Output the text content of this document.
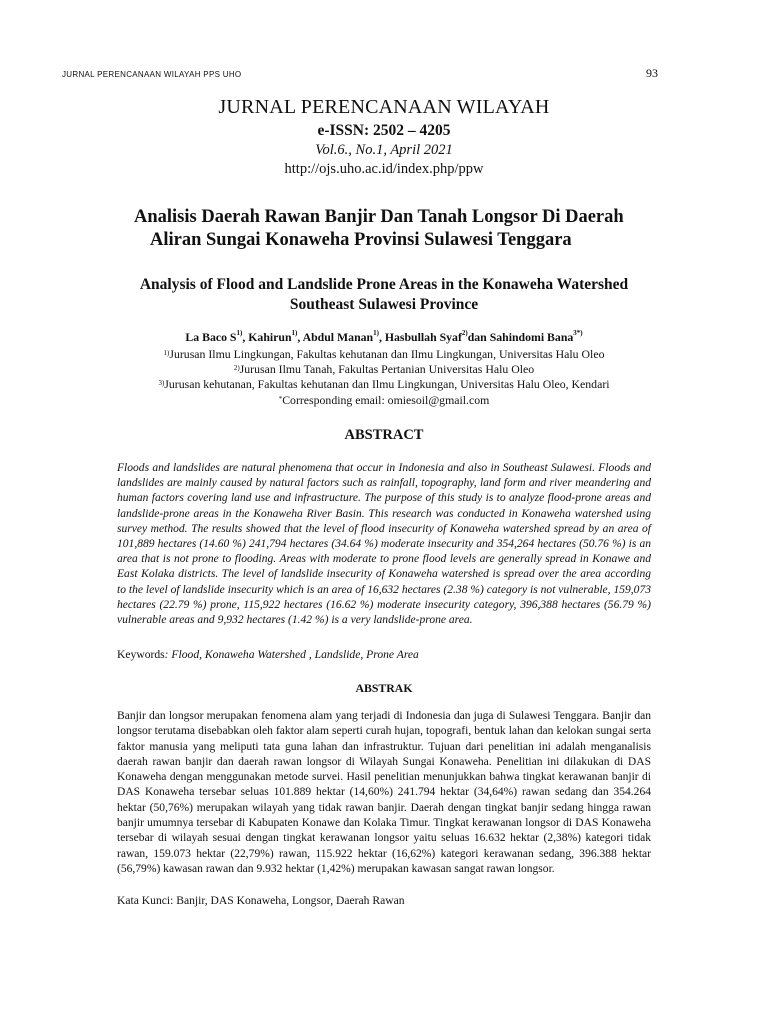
JURNAL PERENCANAAN WILAYAH PPS UHO	93
JURNAL PERENCANAAN WILAYAH
e-ISSN: 2502 – 4205
Vol.6., No.1, April 2021
http://ojs.uho.ac.id/index.php/ppw
Analisis Daerah Rawan Banjir Dan Tanah Longsor Di Daerah
Aliran Sungai Konaweha Provinsi Sulawesi Tenggara
Analysis of Flood and Landslide Prone Areas in the Konaweha Watershed
Southeast Sulawesi Province
La Baco $S^{1)}$, Kahirun$^{1)}$, Abdul Manan$^{1)}$, Hasbullah Syaf$^{2)}$dan Sahindomi Bana$^{3*)}$
$^{1)}$Jurusan Ilmu Lingkungan, Fakultas kehutanan dan Ilmu Lingkungan, Universitas Halu Oleo
$^{2)}$Jurusan Ilmu Tanah, Fakultas Pertanian Universitas Halu Oleo
$^{3)}$Jurusan kehutanan, Fakultas kehutanan dan Ilmu Lingkungan, Universitas Halu Oleo, Kendari
*Corresponding email: omiesoil@gmail.com
ABSTRACT
Floods and landslides are natural phenomena that occur in Indonesia and also in Southeast Sulawesi. Floods and landslides are mainly caused by natural factors such as rainfall, topography, land form and river meandering and human factors covering land use and infrastructure. The purpose of this study is to analyze flood-prone areas and landslide-prone areas in the Konaweha River Basin. This research was conducted in Konaweha watershed using survey method. The results showed that the level of flood insecurity of Konaweha watershed spread by an area of 101,889 hectares (14.60 %) 241,794 hectares (34.64 %) moderate insecurity and 354,264 hectares (50.76 %) is an area that is not prone to flooding. Areas with moderate to prone flood levels are generally spread in Konawe and East Kolaka districts. The level of landslide insecurity of Konaweha watershed is spread over the area according to the level of landslide insecurity which is an area of 16,632 hectares (2.38 %) category is not vulnerable, 159,073 hectares (22.79 %) prone, 115,922 hectares (16.62 %) moderate insecurity category, 396,388 hectares (56.79 %) vulnerable areas and 9,932 hectares (1.42 %) is a very landslide-prone area.
Keywords: Flood, Konaweha Watershed , Landslide, Prone Area
ABSTRAK
Banjir dan longsor merupakan fenomena alam yang terjadi di Indonesia dan juga di Sulawesi Tenggara. Banjir dan longsor terutama disebabkan oleh faktor alam seperti curah hujan, topografi, bentuk lahan dan kelokan sungai serta faktor manusia yang meliputi tata guna lahan dan infrastruktur. Tujuan dari penelitian ini adalah menganalisis daerah rawan banjir dan daerah rawan longsor di Wilayah Sungai Konaweha. Penelitian ini dilakukan di DAS Konaweha dengan menggunakan metode survei. Hasil penelitian menunjukkan bahwa tingkat kerawanan banjir di DAS Konaweha tersebar seluas 101.889 hektar (14,60%) 241.794 hektar (34,64%) rawan sedang dan 354.264 hektar (50,76%) merupakan wilayah yang tidak rawan banjir. Daerah dengan tingkat banjir sedang hingga rawan banjir umumnya tersebar di Kabupaten Konawe dan Kolaka Timur. Tingkat kerawanan longsor di DAS Konaweha tersebar di wilayah sesuai dengan tingkat kerawanan longsor yaitu seluas 16.632 hektar (2,38%) kategori tidak rawan, 159.073 hektar (22,79%) rawan, 115.922 hektar (16,62%) kategori kerawanan sedang, 396.388 hektar (56,79%) kawasan rawan dan 9.932 hektar (1,42%) merupakan kawasan sangat rawan longsor.
Kata Kunci: Banjir, DAS Konaweha, Longsor, Daerah Rawan
